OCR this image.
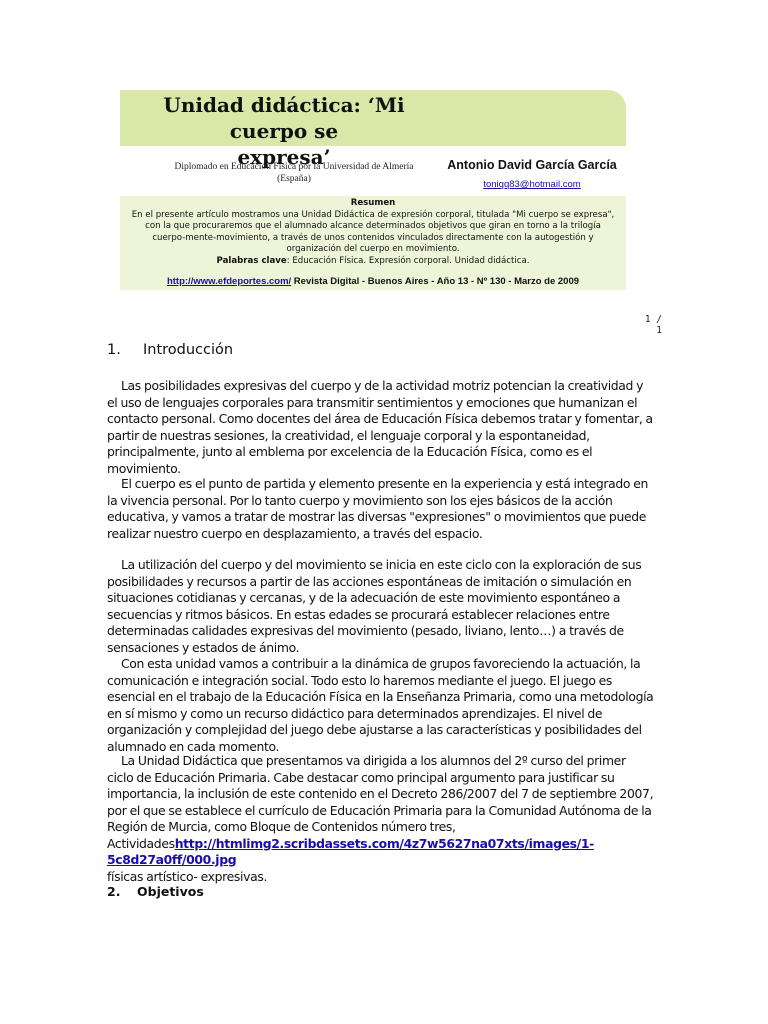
Unidad didáctica: ‘Mi cuerpo se
expresa’
Diplomado en Educación Física por la Universidad de Almería
(España)
Antonio David García García
toniqq83@hotmail.com
Resumen
En el presente artículo mostramos una Unidad Didáctica de expresión corporal, titulada "Mi cuerpo se expresa", con la que procuraremos que el alumnado alcance determinados objetivos que giran en torno a la trilogía cuerpo-mente-movimiento, a través de unos contenidos vinculados directamente con la autogestión y organización del cuerpo en movimiento.
Palabras clave: Educación Física. Expresión corporal. Unidad didáctica.
http://www.efdeportes.com/ Revista Digital - Buenos Aires - Año 13 - Nº 130 - Marzo de 2009
1 / 1
1. Introducción
Las posibilidades expresivas del cuerpo y de la actividad motriz potencian la creatividad y el uso de lenguajes corporales para transmitir sentimientos y emociones que humanizan el contacto personal. Como docentes del área de Educación Física debemos tratar y fomentar, a partir de nuestras sesiones, la creatividad, el lenguaje corporal y la espontaneidad, principalmente, junto al emblema por excelencia de la Educación Física, como es el movimiento.
El cuerpo es el punto de partida y elemento presente en la experiencia y está integrado en la vivencia personal. Por lo tanto cuerpo y movimiento son los ejes básicos de la acción educativa, y vamos a tratar de mostrar las diversas "expresiones" o movimientos que puede realizar nuestro cuerpo en desplazamiento, a través del espacio.
La utilización del cuerpo y del movimiento se inicia en este ciclo con la exploración de sus posibilidades y recursos a partir de las acciones espontáneas de imitación o simulación en situaciones cotidianas y cercanas, y de la adecuación de este movimiento espontáneo a secuencias y ritmos básicos. En estas edades se procurará establecer relaciones entre determinadas calidades expresivas del movimiento (pesado, liviano, lento…) a través de sensaciones y estados de ánimo.
Con esta unidad vamos a contribuir a la dinámica de grupos favoreciendo la actuación, la comunicación e integración social. Todo esto lo haremos mediante el juego. El juego es esencial en el trabajo de la Educación Física en la Enseñanza Primaria, como una metodología en sí mismo y como un recurso didáctico para determinados aprendizajes. El nivel de organización y complejidad del juego debe ajustarse a las características y posibilidades del alumnado en cada momento.
La Unidad Didáctica que presentamos va dirigida a los alumnos del 2º curso del primer ciclo de Educación Primaria. Cabe destacar como principal argumento para justificar su importancia, la inclusión de este contenido en el Decreto 286/2007 del 7 de septiembre 2007, por el que se establece el currículo de Educación Primaria para la Comunidad Autónoma de la Región de Murcia, como Bloque de Contenidos número tres,
Actividadeshttp://htmlimg2.scribdassets.com/4z7w5627na07xts/images/1-5c8d27a0ff/000.jpg
físicas artístico- expresivas.
2. Objetivos
